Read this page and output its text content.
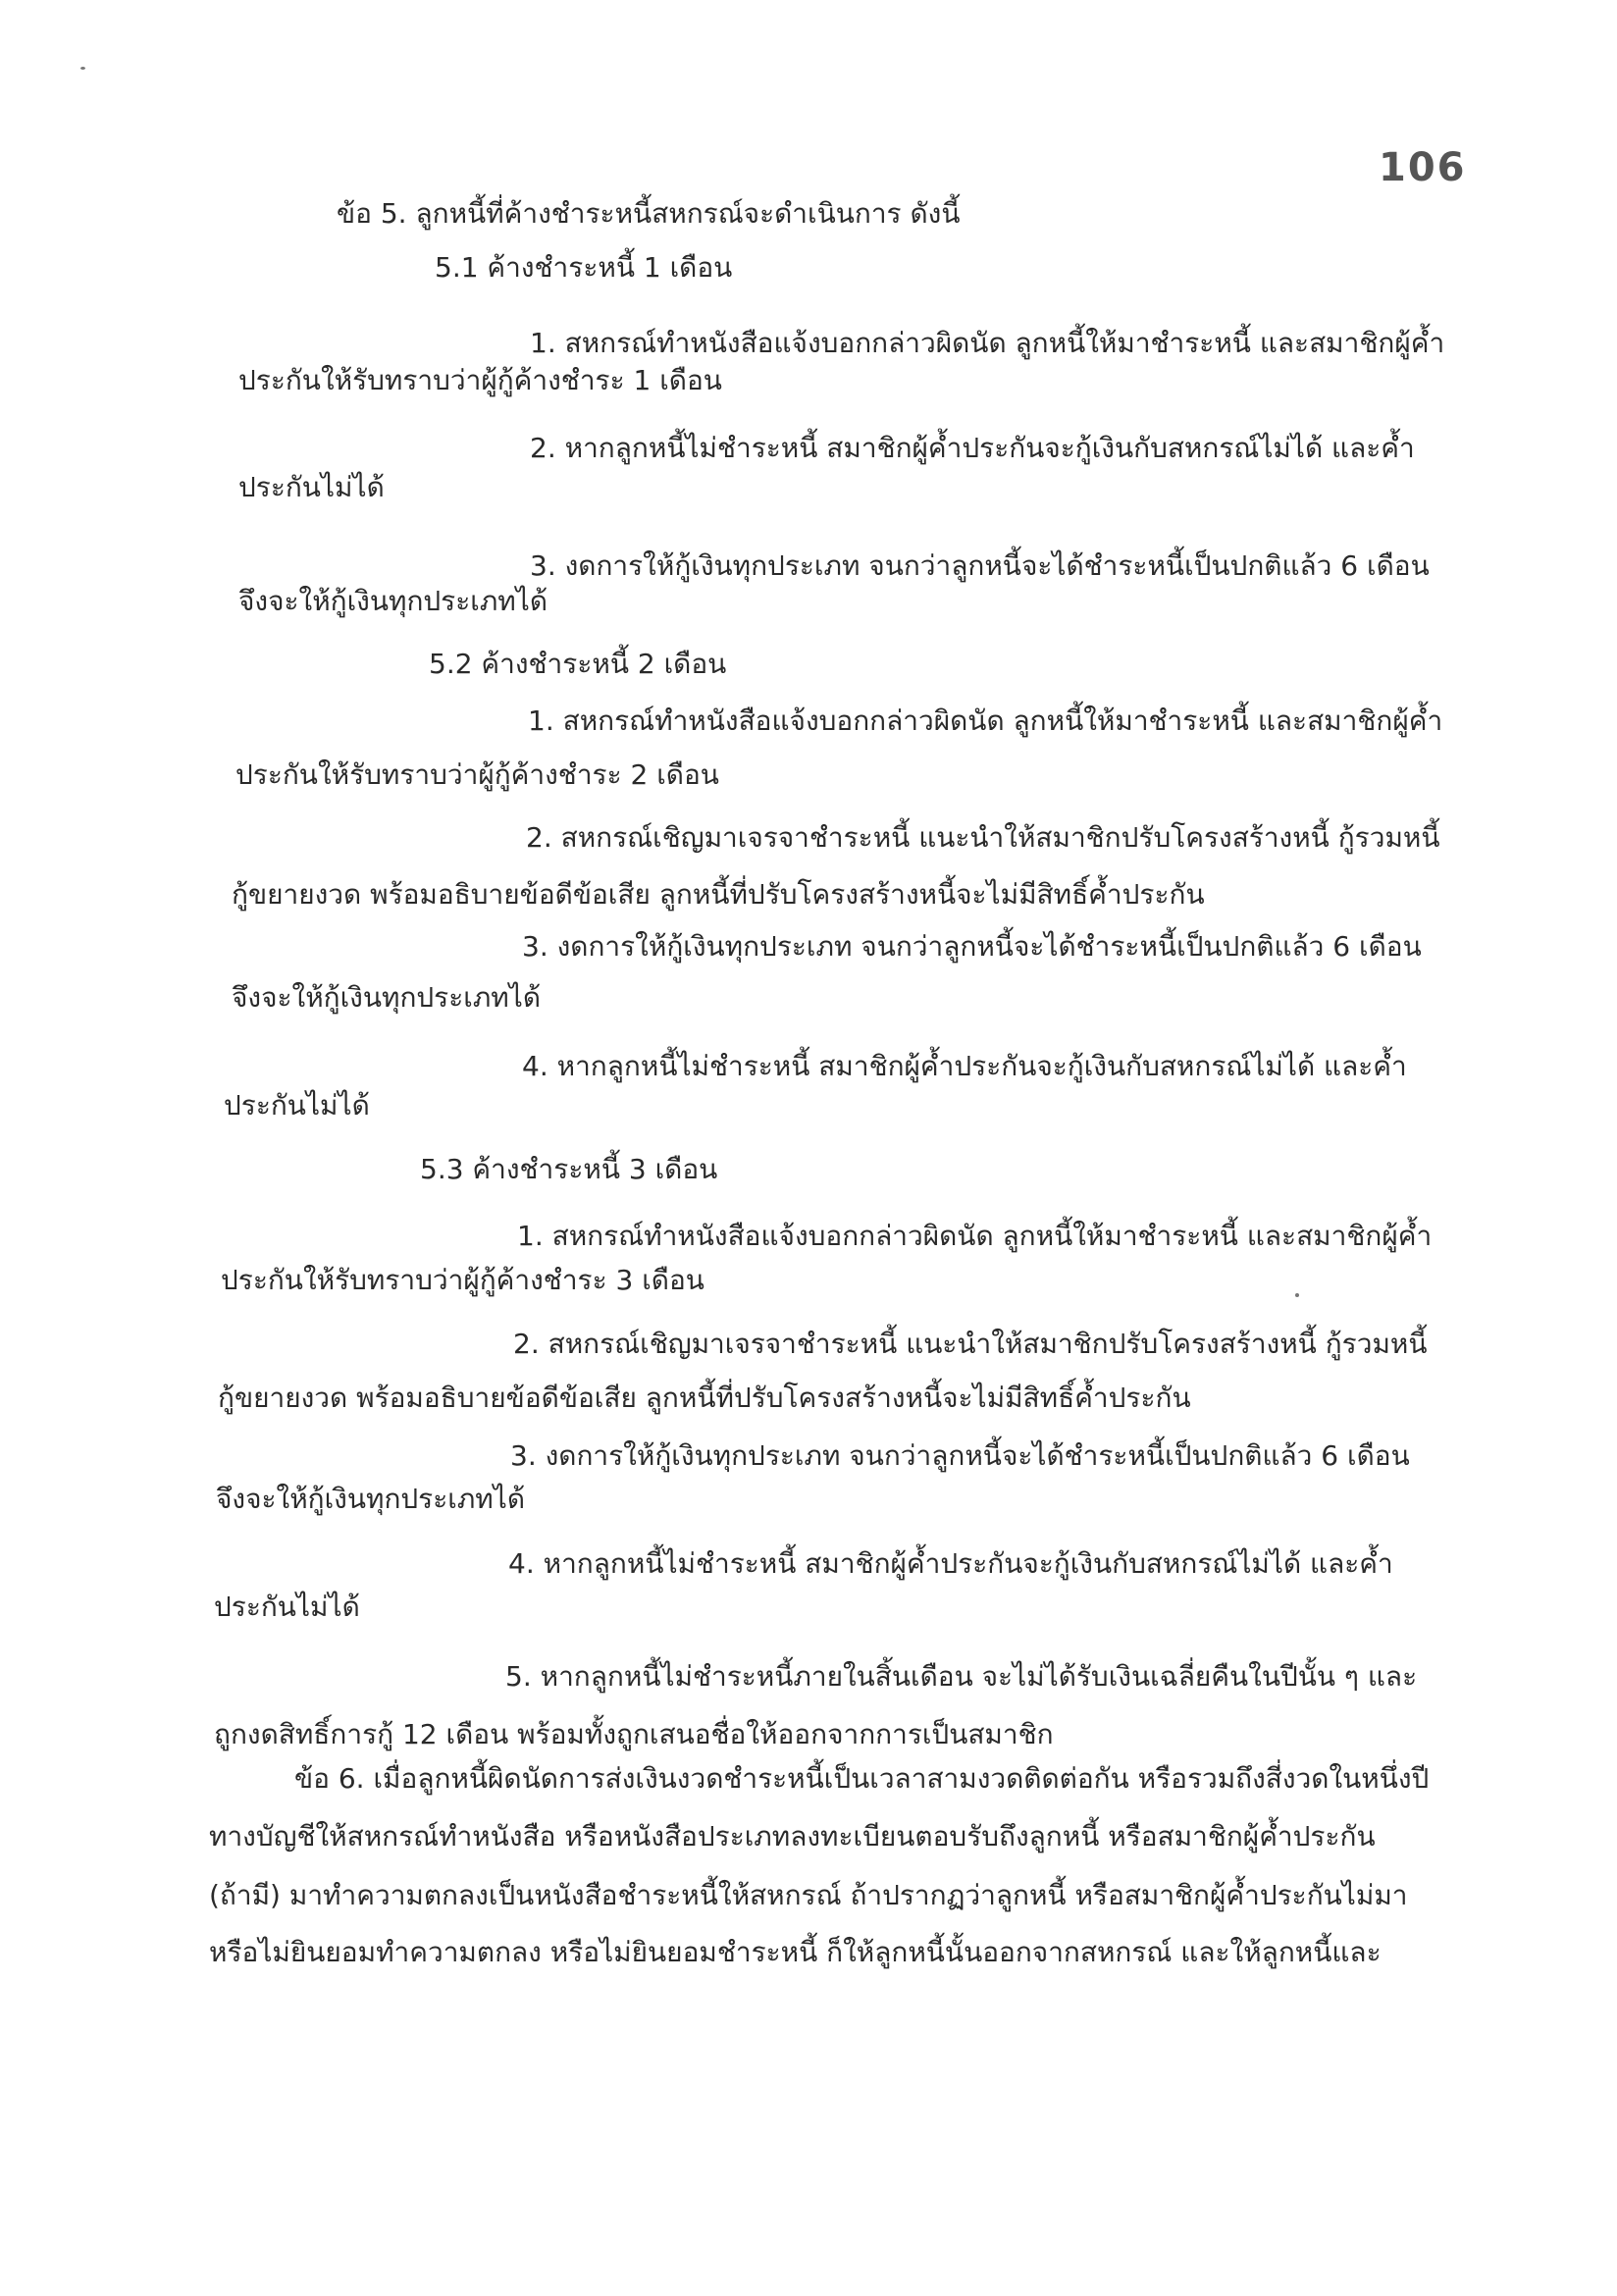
106

ข้อ 5. ลูกหนี้ที่ค้างชำระหนี้สหกรณ์จะดำเนินการ ดังนี้

5.1 ค้างชำระหนี้ 1 เดือน

1. สหกรณ์ทำหนังสือแจ้งบอกกล่าวผิดนัด ลูกหนี้ให้มาชำระหนี้ และสมาชิกผู้ค้ำ

ประกันให้รับทราบว่าผู้กู้ค้างชำระ 1 เดือน

2. หากลูกหนี้ไม่ชำระหนี้ สมาชิกผู้ค้ำประกันจะกู้เงินกับสหกรณ์ไม่ได้ และค้ำ

ประกันไม่ได้

3. งดการให้กู้เงินทุกประเภท จนกว่าลูกหนี้จะได้ชำระหนี้เป็นปกติแล้ว 6 เดือน

จึงจะให้กู้เงินทุกประเภทได้

5.2 ค้างชำระหนี้ 2 เดือน

1. สหกรณ์ทำหนังสือแจ้งบอกกล่าวผิดนัด ลูกหนี้ให้มาชำระหนี้ และสมาชิกผู้ค้ำ

ประกันให้รับทราบว่าผู้กู้ค้างชำระ 2 เดือน

2. สหกรณ์เชิญมาเจรจาชำระหนี้ แนะนำให้สมาชิกปรับโครงสร้างหนี้ กู้รวมหนี้

กู้ขยายงวด พร้อมอธิบายข้อดีข้อเสีย ลูกหนี้ที่ปรับโครงสร้างหนี้จะไม่มีสิทธิ์ค้ำประกัน

3. งดการให้กู้เงินทุกประเภท จนกว่าลูกหนี้จะได้ชำระหนี้เป็นปกติแล้ว 6 เดือน

จึงจะให้กู้เงินทุกประเภทได้

4. หากลูกหนี้ไม่ชำระหนี้ สมาชิกผู้ค้ำประกันจะกู้เงินกับสหกรณ์ไม่ได้ และค้ำ

ประกันไม่ได้

5.3 ค้างชำระหนี้ 3 เดือน

1. สหกรณ์ทำหนังสือแจ้งบอกกล่าวผิดนัด ลูกหนี้ให้มาชำระหนี้ และสมาชิกผู้ค้ำ

ประกันให้รับทราบว่าผู้กู้ค้างชำระ 3 เดือน

2. สหกรณ์เชิญมาเจรจาชำระหนี้ แนะนำให้สมาชิกปรับโครงสร้างหนี้ กู้รวมหนี้

กู้ขยายงวด พร้อมอธิบายข้อดีข้อเสีย ลูกหนี้ที่ปรับโครงสร้างหนี้จะไม่มีสิทธิ์ค้ำประกัน

3. งดการให้กู้เงินทุกประเภท จนกว่าลูกหนี้จะได้ชำระหนี้เป็นปกติแล้ว 6 เดือน

จึงจะให้กู้เงินทุกประเภทได้

4. หากลูกหนี้ไม่ชำระหนี้ สมาชิกผู้ค้ำประกันจะกู้เงินกับสหกรณ์ไม่ได้ และค้ำ

ประกันไม่ได้

5. หากลูกหนี้ไม่ชำระหนี้ภายในสิ้นเดือน จะไม่ได้รับเงินเฉลี่ยคืนในปีนั้น ๆ และ

ถูกงดสิทธิ์การกู้ 12 เดือน พร้อมทั้งถูกเสนอชื่อให้ออกจากการเป็นสมาชิก

ข้อ 6. เมื่อลูกหนี้ผิดนัดการส่งเงินงวดชำระหนี้เป็นเวลาสามงวดติดต่อกัน หรือรวมถึงสี่งวดในหนึ่งปี

ทางบัญชีให้สหกรณ์ทำหนังสือ หรือหนังสือประเภทลงทะเบียนตอบรับถึงลูกหนี้ หรือสมาชิกผู้ค้ำประกัน

(ถ้ามี) มาทำความตกลงเป็นหนังสือชำระหนี้ให้สหกรณ์ ถ้าปรากฏว่าลูกหนี้ หรือสมาชิกผู้ค้ำประกันไม่มา

หรือไม่ยินยอมทำความตกลง หรือไม่ยินยอมชำระหนี้ ก็ให้ลูกหนี้นั้นออกจากสหกรณ์ และให้ลูกหนี้และ
